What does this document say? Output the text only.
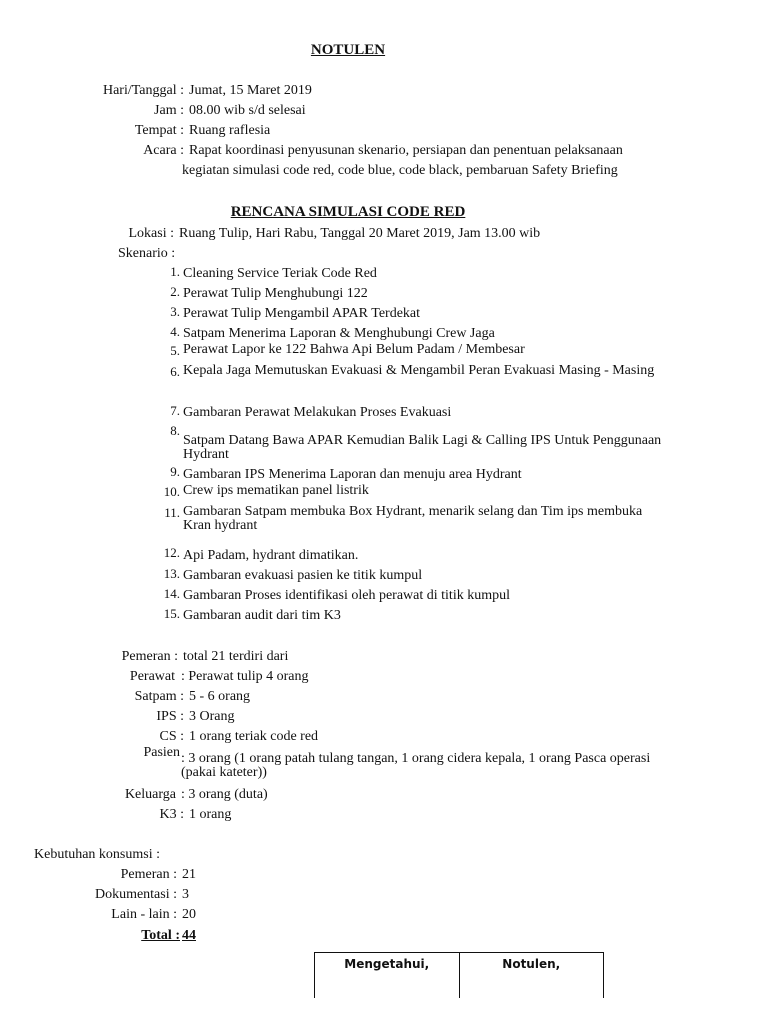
NOTULEN
Hari/Tanggal : Jumat, 15 Maret 2019
Jam : 08.00 wib s/d selesai
Tempat : Ruang raflesia
Acara : Rapat koordinasi penyusunan skenario, persiapan dan penentuan pelaksanaan
kegiatan simulasi code red, code blue, code black, pembaruan Safety Briefing
RENCANA SIMULASI CODE RED
Lokasi : Ruang Tulip, Hari Rabu, Tanggal 20 Maret 2019, Jam 13.00 wib
Skenario :
1. Cleaning Service Teriak Code Red
2. Perawat Tulip Menghubungi 122
3. Perawat Tulip Mengambil APAR Terdekat
4. Satpam Menerima Laporan & Menghubungi Crew Jaga
5. Perawat Lapor ke 122 Bahwa Api Belum Padam / Membesar
6. Kepala Jaga Memutuskan Evakuasi & Mengambil Peran Evakuasi Masing - Masing
7. Gambaran Perawat Melakukan Proses Evakuasi
8.
Satpam Datang Bawa APAR Kemudian Balik Lagi & Calling IPS Untuk Penggunaan Hydrant
9. Gambaran IPS Menerima Laporan dan menuju area Hydrant
10. Crew ips mematikan panel listrik
11. Gambaran Satpam membuka Box Hydrant, menarik selang dan Tim ips membuka Kran hydrant
12. Api Padam, hydrant dimatikan.
13. Gambaran evakuasi pasien ke titik kumpul
14. Gambaran Proses identifikasi oleh perawat di titik kumpul
15. Gambaran audit dari tim K3
Pemeran : total 21 terdiri dari
Perawat : Perawat tulip 4 orang
Satpam : 5 - 6 orang
IPS : 3 Orang
CS : 1 orang teriak code red
Pasien : 3 orang (1 orang patah tulang tangan, 1 orang cidera kepala, 1 orang Pasca operasi (pakai kateter))
Keluarga : 3 orang (duta)
K3 : 1 orang
Kebutuhan konsumsi :
Pemeran : 21
Dokumentasi : 3
Lain - lain : 20
Total : 44
Mengetahui,	Notulen,
